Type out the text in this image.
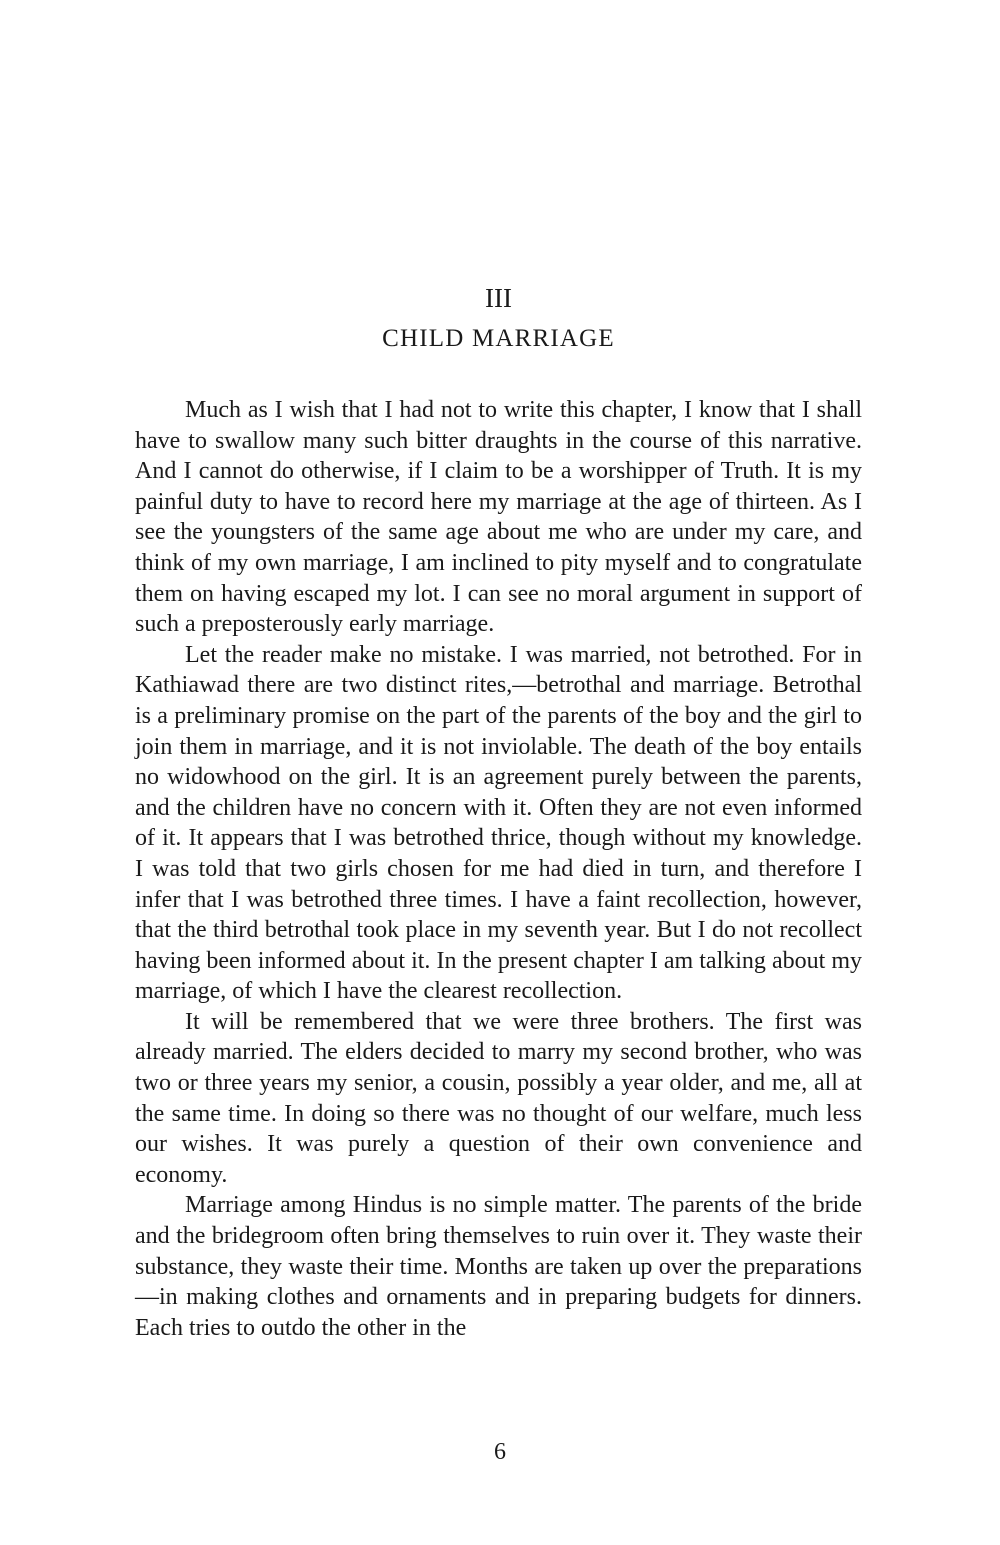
III
CHILD MARRIAGE

Much as I wish that I had not to write this chapter, I know that I shall have to swallow many such bitter draughts in the course of this narrative. And I cannot do otherwise, if I claim to be a worshipper of Truth. It is my painful duty to have to record here my marriage at the age of thirteen. As I see the youngsters of the same age about me who are under my care, and think of my own marriage, I am inclined to pity myself and to congratulate them on having escaped my lot. I can see no moral argument in support of such a preposterously early marriage.

Let the reader make no mistake. I was married, not betrothed. For in Kathiawad there are two distinct rites,—betrothal and marriage. Betrothal is a preliminary promise on the part of the parents of the boy and the girl to join them in marriage, and it is not inviolable. The death of the boy entails no widowhood on the girl. It is an agreement purely between the parents, and the children have no concern with it. Often they are not even informed of it. It appears that I was betrothed thrice, though without my knowledge. I was told that two girls chosen for me had died in turn, and therefore I infer that I was betrothed three times. I have a faint recollection, however, that the third betrothal took place in my seventh year. But I do not recollect having been informed about it. In the present chapter I am talking about my marriage, of which I have the clearest recollection.

It will be remembered that we were three brothers. The first was already married. The elders decided to marry my second brother, who was two or three years my senior, a cousin, possibly a year older, and me, all at the same time. In doing so there was no thought of our welfare, much less our wishes. It was purely a question of their own convenience and economy.

Marriage among Hindus is no simple matter. The parents of the bride and the bridegroom often bring themselves to ruin over it. They waste their substance, they waste their time. Months are taken up over the preparations—in making clothes and ornaments and in preparing budgets for dinners. Each tries to outdo the other in the

6
